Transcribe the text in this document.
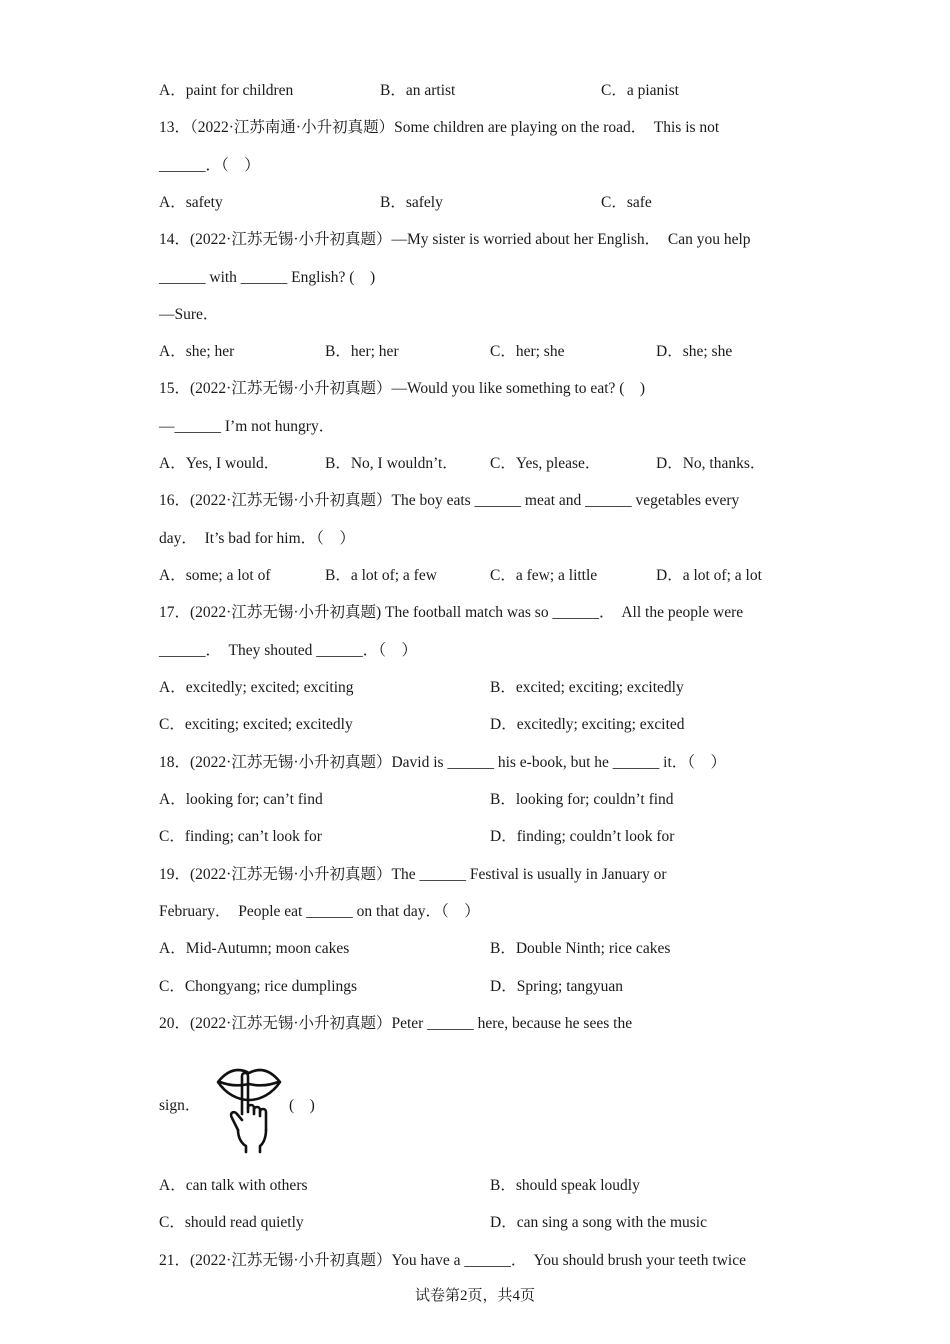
A．paint for children	B．an artist	C．a pianist
13．（2022·江苏南通·小升初真题）Some children are playing on the road．  This is not
______．（    ）
A．safety	B．safely	C．safe
14．(2022·江苏无锡·小升初真题）—My sister is worried about her English．  Can you help
______ with ______ English? (    )
—Sure．
A．she; her	B．her; her	C．her; she	D．she; she
15．(2022·江苏无锡·小升初真题）—Would you like something to eat? (    )
—______ I’m not hungry．
A．Yes, I would．	B．No, I wouldn’t． C．Yes, please．	D．No, thanks．
16．(2022·江苏无锡·小升初真题）The boy eats ______ meat and ______ vegetables every
day．  It’s bad for him．（    ）
A．some; a lot of	B．a lot of; a few	C．a few; a little	D．a lot of; a lot
17．(2022·江苏无锡·小升初真题) The football match was so ______．  All the people were
______．  They shouted ______．（    ）
A．excitedly; excited; exciting	B．excited; exciting; excitedly
C．exciting; excited; excitedly	D．excitedly; exciting; excited
18．(2022·江苏无锡·小升初真题）David is ______ his e-book, but he ______ it．（    ）
A．looking for; can’t find	B．looking for; couldn’t find
C．finding; can’t look for	D．finding; couldn’t look for
19．(2022·江苏无锡·小升初真题）The ______ Festival is usually in January or
February．  People eat ______ on that day．（    ）
A．Mid-Autumn; moon cakes	B．Double Ninth; rice cakes
C．Chongyang; rice dumplings	D．Spring; tangyuan
20．(2022·江苏无锡·小升初真题）Peter ______ here, because he sees the
sign．	(    )
A．can talk with others	B．should speak loudly
C．should read quietly	D．can sing a song with the music
21．(2022·江苏无锡·小升初真题）You have a ______．  You should brush your teeth twice
试卷第2页，共4页
